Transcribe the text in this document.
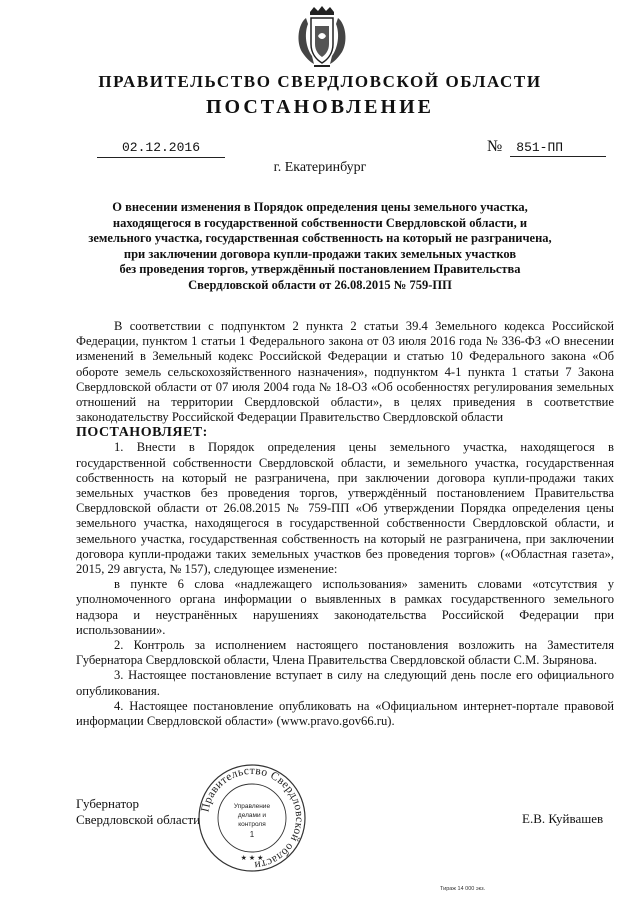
ПРАВИТЕЛЬСТВО СВЕРДЛОВСКОЙ ОБЛАСТИ
ПОСТАНОВЛЕНИЕ
02.12.2016	№ 851-ПП
г. Екатеринбург
О внесении изменения в Порядок определения цены земельного участка,
находящегося в государственной собственности Свердловской области, и
земельного участка, государственная собственность на который не разграничена,
при заключении договора купли-продажи таких земельных участков
без проведения торгов, утверждённый постановлением Правительства
Свердловской области от 26.08.2015 № 759-ПП

В соответствии с подпунктом 2 пункта 2 статьи 39.4 Земельного кодекса Российской Федерации, пунктом 1 статьи 1 Федерального закона от 03 июля 2016 года № 336-ФЗ «О внесении изменений в Земельный кодекс Российской Федерации и статью 10 Федерального закона «Об обороте земель сельскохозяйственного назначения», подпунктом 4-1 пункта 1 статьи 7 Закона Свердловской области от 07 июля 2004 года № 18-ОЗ «Об особенностях регулирования земельных отношений на территории Свердловской области», в целях приведения в соответствие законодательству Российской Федерации Правительство Свердловской области

ПОСТАНОВЛЯЕТ:

1. Внести в Порядок определения цены земельного участка, находящегося в государственной собственности Свердловской области, и земельного участка, государственная собственность на который не разграничена, при заключении договора купли-продажи таких земельных участков без проведения торгов, утверждённый постановлением Правительства Свердловской области от 26.08.2015 № 759-ПП «Об утверждении Порядка определения цены земельного участка, находящегося в государственной собственности Свердловской области, и земельного участка, государственная собственность на который не разграничена, при заключении договора купли-продажи таких земельных участков без проведения торгов» («Областная газета», 2015, 29 августа, № 157), следующее изменение:

в пункте 6 слова «надлежащего использования» заменить словами «отсутствия у уполномоченного органа информации о выявленных в рамках государственного земельного надзора и неустранённых нарушениях законодательства Российской Федерации при использовании».

2. Контроль за исполнением настоящего постановления возложить на Заместителя Губернатора Свердловской области, Члена Правительства Свердловской области С.М. Зырянова.

3. Настоящее постановление вступает в силу на следующий день после его официального опубликования.

4. Настоящее постановление опубликовать на «Официальном интернет-портале правовой информации Свердловской области» (www.pravo.gov66.ru).

Губернатор
Свердловской области
Правительство Свердловской области
Управление
делами и
контроля
1
★ ★ ★
Е.В. Куйвашев
Тираж 14 000 экз.
